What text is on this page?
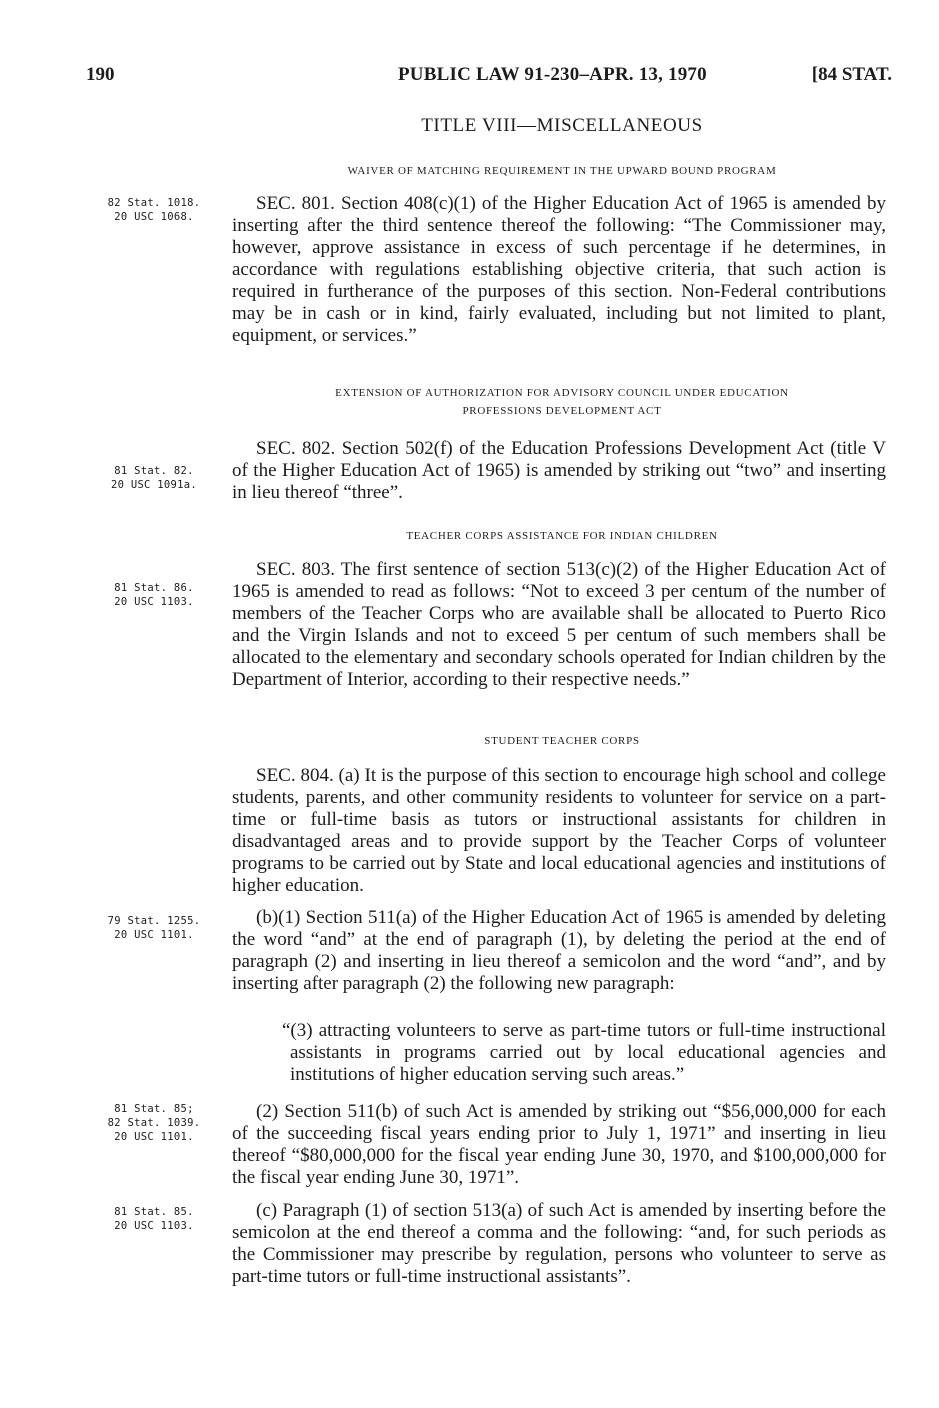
190	PUBLIC LAW 91-230–APR. 13, 1970	[84 STAT.
TITLE VIII—MISCELLANEOUS
WAIVER OF MATCHING REQUIREMENT IN THE UPWARD BOUND PROGRAM
82 Stat. 1018.
20 USC 1068.

SEC. 801. Section 408(c)(1) of the Higher Education Act of 1965 is amended by inserting after the third sentence thereof the following: “The Commissioner may, however, approve assistance in excess of such percentage if he determines, in accordance with regulations establishing objective criteria, that such action is required in furtherance of the purposes of this section. Non-Federal contributions may be in cash or in kind, fairly evaluated, including but not limited to plant, equipment, or services.”

EXTENSION OF AUTHORIZATION FOR ADVISORY COUNCIL UNDER EDUCATION
PROFESSIONS DEVELOPMENT ACT
81 Stat. 82.
20 USC 1091a.

SEC. 802. Section 502(f) of the Education Professions Development Act (title V of the Higher Education Act of 1965) is amended by striking out “two” and inserting in lieu thereof “three”.

TEACHER CORPS ASSISTANCE FOR INDIAN CHILDREN
81 Stat. 86.
20 USC 1103.

SEC. 803. The first sentence of section 513(c)(2) of the Higher Education Act of 1965 is amended to read as follows: “Not to exceed 3 per centum of the number of members of the Teacher Corps who are available shall be allocated to Puerto Rico and the Virgin Islands and not to exceed 5 per centum of such members shall be allocated to the elementary and secondary schools operated for Indian children by the Department of Interior, according to their respective needs.”

STUDENT TEACHER CORPS

SEC. 804. (a) It is the purpose of this section to encourage high school and college students, parents, and other community residents to volunteer for service on a part-time or full-time basis as tutors or instructional assistants for children in disadvantaged areas and to provide support by the Teacher Corps of volunteer programs to be carried out by State and local educational agencies and institutions of higher education.

79 Stat. 1255.
20 USC 1101.

(b)(1) Section 511(a) of the Higher Education Act of 1965 is amended by deleting the word “and” at the end of paragraph (1), by deleting the period at the end of paragraph (2) and inserting in lieu thereof a semicolon and the word “and”, and by inserting after paragraph (2) the following new paragraph:

“(3) attracting volunteers to serve as part-time tutors or full-time instructional assistants in programs carried out by local educational agencies and institutions of higher education serving such areas.”

81 Stat. 85;
82 Stat. 1039.
20 USC 1101.

(2) Section 511(b) of such Act is amended by striking out “$56,000,000 for each of the succeeding fiscal years ending prior to July 1, 1971” and inserting in lieu thereof “$80,000,000 for the fiscal year ending June 30, 1970, and $100,000,000 for the fiscal year ending June 30, 1971”.

81 Stat. 85.
20 USC 1103.

(c) Paragraph (1) of section 513(a) of such Act is amended by inserting before the semicolon at the end thereof a comma and the following: “and, for such periods as the Commissioner may prescribe by regulation, persons who volunteer to serve as part-time tutors or full-time instructional assistants”.
